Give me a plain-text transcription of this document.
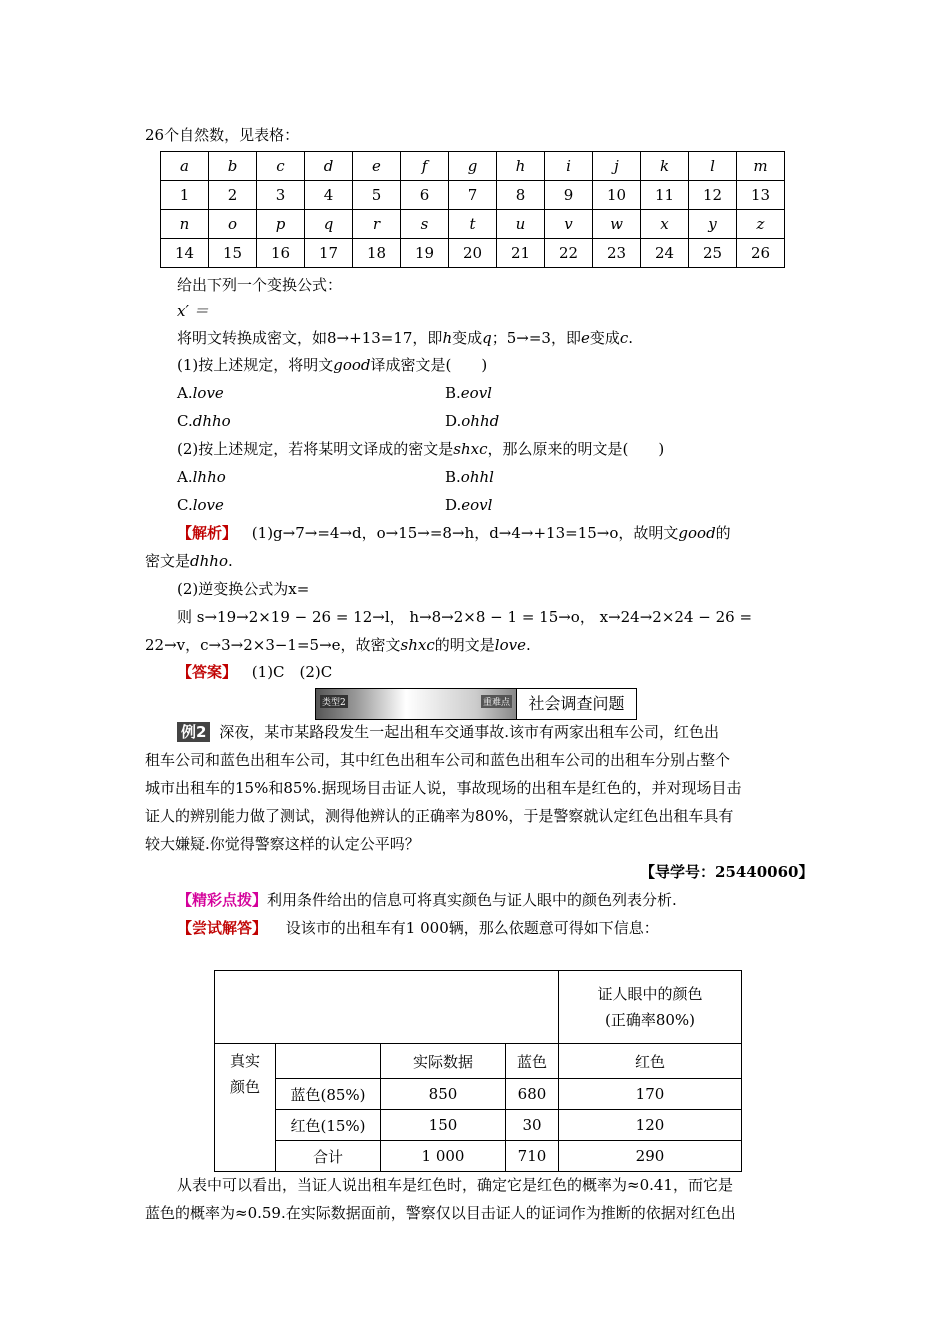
26个自然数，见表格：
a	b	c	d	e	f	g	h	i	j	k	l	m
1	2	3	4	5	6	7	8	9	10	11	12	13
n	o	p	q	r	s	t	u	v	w	x	y	z
14	15	16	17	18	19	20	21	22	23	24	25	26
给出下列一个变换公式：
x′ ＝
将明文转换成密文，如8→+13=17，即h变成q；5→=3，即e变成c.
(1)按上述规定，将明文good译成密文是(　　)
A.love	B.eovl
C.dhho	D.ohhd
(2)按上述规定，若将某明文译成的密文是shxc，那么原来的明文是(　　)
A.lhho	B.ohhl
C.love	D.eovl
【解析】 (1)g→7→=4→d，o→15→=8→h，d→4→+13=15→o，故明文good的
密文是dhho.
(2)逆变换公式为x=
则 s→19→2×19 − 26 = 12→l， h→8→2×8 − 1 = 15→o， x→24→2×24 − 26 =
22→v，c→3→2×3−1=5→e，故密文shxc的明文是love.
【答案】 (1)C　(2)C
类型2	重难点	社会调查问题
例2 深夜，某市某路段发生一起出租车交通事故.该市有两家出租车公司，红色出
租车公司和蓝色出租车公司，其中红色出租车公司和蓝色出租车公司的出租车分别占整个
城市出租车的15%和85%.据现场目击证人说，事故现场的出租车是红色的，并对现场目击
证人的辨别能力做了测试，测得他辨认的正确率为80%，于是警察就认定红色出租车具有
较大嫌疑.你觉得警察这样的认定公平吗？
【导学号：25440060】
【精彩点拨】利用条件给出的信息可将真实颜色与证人眼中的颜色列表分析.
【尝试解答】 设该市的出租车有1 000辆，那么依题意可得如下信息：

				证人眼中的颜色
(正确率80%)

真实
颜色		实际数据	蓝色	红色
	蓝色(85%)	850	680	170
	红色(15%)	150	30	120
	合计	1 000	710	290
从表中可以看出，当证人说出租车是红色时，确定它是红色的概率为≈0.41，而它是
蓝色的概率为≈0.59.在实际数据面前，警察仅以目击证人的证词作为推断的依据对红色出
